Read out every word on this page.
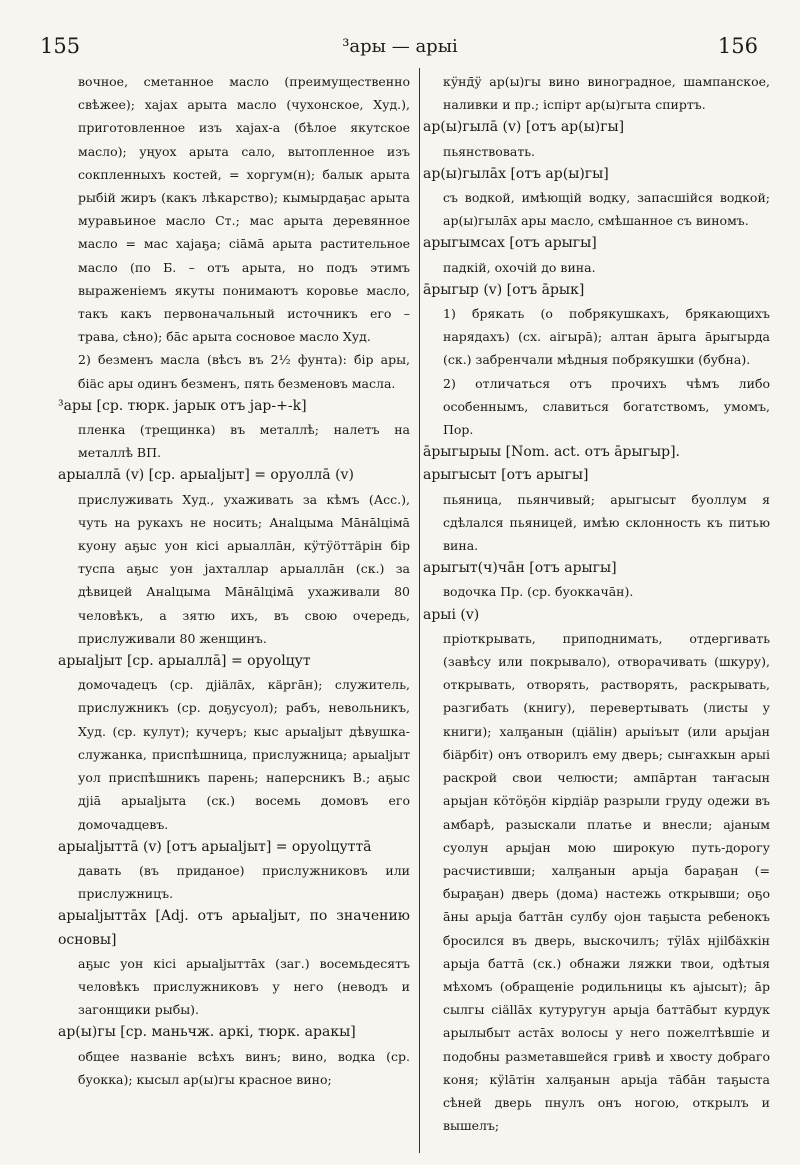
155	³ары — арыі	156

вочное, сметанное масло (преимущественно свѣжее); хаjах арыта масло (чухонское, Худ.), приготовленное изъ хаjах-а (бѣлое якутское масло); уңуох арыта сало, вытопленное изъ сокпленныхъ костей, = хоргум(н); балык арыта рыбій жиръ (какъ лѣкарство); кымырдаҕас арыта муравьиное масло Ст.; мас арыта деревянное масло = мас хаjаҕа; сіāмā арыта растительное масло (по Б. – отъ арыта, но подъ этимъ выраженіемъ якуты понимаютъ коровье масло, такъ какъ первоначальный источникъ его – трава, сѣно); бāс арыта сосновое масло Худ.

2) безменъ масла (вѣсъ въ 2½ фунта): бір ары, біäс ары одинъ безменъ, пять безменовъ масла.

³ары [ср. тюрк. jарык отъ jар-+-k]

пленка (трещинка) въ металлѣ; налетъ на металлѣ ВП.

арыаллā (v) [ср. арыаlјыт] = оруоллā (v)

прислуживать Худ., ухаживать за кѣмъ (Асс.), чуть на рукахъ не носить; Анаlцыма Мāнālцімā куону аҕыс уон кісі арыаллāн, кӱтӱöттäрін бір туспа аҕыс уон јахталлар арыаллāн (ск.) за дѣвицей Анаlцыма Мāнālцімā ухаживали 80 человѣкъ, а зятю ихъ, въ свою очередь, прислуживали 80 женщинъ.

арыаlјыт [ср. арыаллā] = оруоlцут

домочадецъ (ср. дјіäлāх, кäргāн); служитель, прислужникъ (ср. доҕусуол); рабъ, невольникъ, Худ. (ср. кулут); кучеръ; кыс арыаlјыт дѣвушка-служанка, приспѣшница, прислужница; арыаlјыт уол приспѣшникъ парень; наперсникъ В.; аҕыс дјіā арыаlјыта (ск.) восемь домовъ его домочадцевъ.

арыаlјыттā (v) [отъ арыаlјыт] = оруоlцуттā

давать (въ приданое) прислужниковъ или прислужницъ.

арыаlјыттāх [Adj. отъ арыаlјыт, по значению основы]

аҕыс уон кісі арыаlјыттāх (заг.) восемьдесятъ человѣкъ прислужниковъ у него (неводъ и загонщики рыбы).

ар(ы)гы [ср. маньчж. аркі, тюрк. аракы]

общее названіе всѣхъ винъ; вино, водка (ср. буокка); кысыл ар(ы)гы красное вино;

кӱнд̄ӱ ар(ы)гы вино виноградное, шампанское, наливки и пр.; іспірт ар(ы)гыта спиртъ.

ар(ы)гылā (v) [отъ ар(ы)гы]

пьянствовать.

ар(ы)гылāх [отъ ар(ы)гы]

съ водкой, имѣющій водку, запасшійся водкой; ар(ы)гылāх ары масло, смѣшанное съ виномъ.

арыгымсах [отъ арыгы]

падкій, охочій до вина.

āрыгыр (v) [отъ āрык]

1) брякать (о побрякушкахъ, брякающихъ нарядахъ) (сх. аігырā); алтан āрыга āрыгырда (ск.) забренчали мѣдныя побрякушки (бубна).

2) отличаться отъ прочихъ чѣмъ либо особеннымъ, славиться богатствомъ, умомъ, Пор.

āрыгырыы [Nom. act. отъ āрыгыр].

арыгысыт [отъ арыгы]

пьяница, пьянчивый; арыгысыт буоллум я сдѣлался пьяницей, имѣю склонность къ питью вина.

арыгыт(ч)чāн [отъ арыгы]

водочка Пр. (ср. буоккачāн).

арыі (v)

пріоткрывать, приподнимать, отдергивать (завѣсу или покрывало), отворачивать (шкуру), открывать, отворять, растворять, раскрывать, разгибать (книгу), перевертывать (листы у книги); халҕанын (ціälін) арыіъыт (или арыјан біäрбіт) онъ отворилъ ему дверь; сыҥахкын арыі раскрой свои челюсти; ампāртан таҥасын арыјан кӧтӧҕӧн кірдіäр разрыли груду одежи въ амбарѣ, разыскали платье и внесли; аjаным суолун арыјан мою широкую путь-дорогу расчистивши; халҕанын арыја бараҕан (= быраҕан) дверь (дома) настежь открывши; оҕо āны арыја баттāн сулбу оjон таҕыста ребенокъ бросился въ дверь, выскочилъ; тӱlāх нјіlбäхкін арыја баттā (ск.) обнажи ляжки твои, одѣтыя мѣхомъ (обращеніе родильницы къ аjысыт); āр сылгы сіällāх кутуругун арыја баттāбыт курдук арылыбыт астāх волосы у него пожелтѣвшіе и подобны разметавшейся гривѣ и хвосту добраго коня; кӱlāтін халҕанын арыја тāбāн таҕыста сѣней дверь пнулъ онъ ногою, открылъ и вышелъ;
